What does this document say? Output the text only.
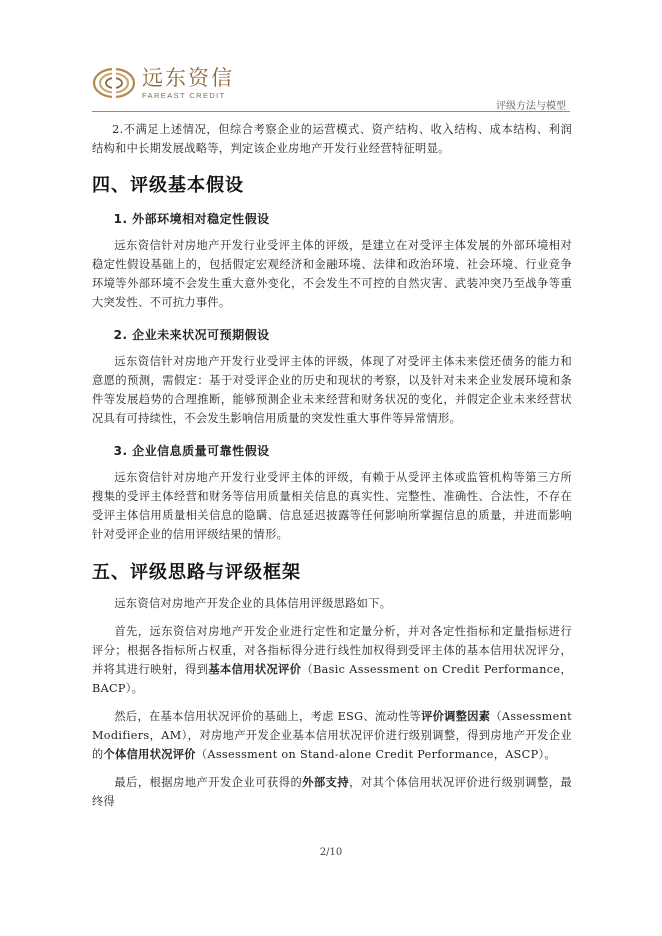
远东资信
FAREAST CREDIT
评级方法与模型

2.不满足上述情况，但综合考察企业的运营模式、资产结构、收入结构、成本结构、利润结构和中长期发展战略等，判定该企业房地产开发行业经营特征明显。

四、评级基本假设
1. 外部环境相对稳定性假设

远东资信针对房地产开发行业受评主体的评级，是建立在对受评主体发展的外部环境相对稳定性假设基础上的，包括假定宏观经济和金融环境、法律和政治环境、社会环境、行业竞争环境等外部环境不会发生重大意外变化，不会发生不可控的自然灾害、武装冲突乃至战争等重大突发性、不可抗力事件。

2. 企业未来状况可预期假设

远东资信针对房地产开发行业受评主体的评级，体现了对受评主体未来偿还债务的能力和意愿的预测，需假定：基于对受评企业的历史和现状的考察，以及针对未来企业发展环境和条件等发展趋势的合理推断，能够预测企业未来经营和财务状况的变化，并假定企业未来经营状况具有可持续性，不会发生影响信用质量的突发性重大事件等异常情形。

3. 企业信息质量可靠性假设

远东资信针对房地产开发行业受评主体的评级，有赖于从受评主体或监管机构等第三方所搜集的受评主体经营和财务等信用质量相关信息的真实性、完整性、准确性、合法性，不存在受评主体信用质量相关信息的隐瞒、信息延迟披露等任何影响所掌握信息的质量，并进而影响针对受评企业的信用评级结果的情形。

五、评级思路与评级框架

远东资信对房地产开发企业的具体信用评级思路如下。

首先，远东资信对房地产开发企业进行定性和定量分析，并对各定性指标和定量指标进行评分；根据各指标所占权重，对各指标得分进行线性加权得到受评主体的基本信用状况评分，并将其进行映射，得到基本信用状况评价（Basic Assessment on Credit Performance，BACP）。

然后，在基本信用状况评价的基础上，考虑 ESG、流动性等评价调整因素（Assessment Modifiers，AM），对房地产开发企业基本信用状况评价进行级别调整，得到房地产开发企业的个体信用状况评价（Assessment on Stand-alone Credit Performance，ASCP）。

最后，根据房地产开发企业可获得的外部支持，对其个体信用状况评价进行级别调整，最终得

2/10
